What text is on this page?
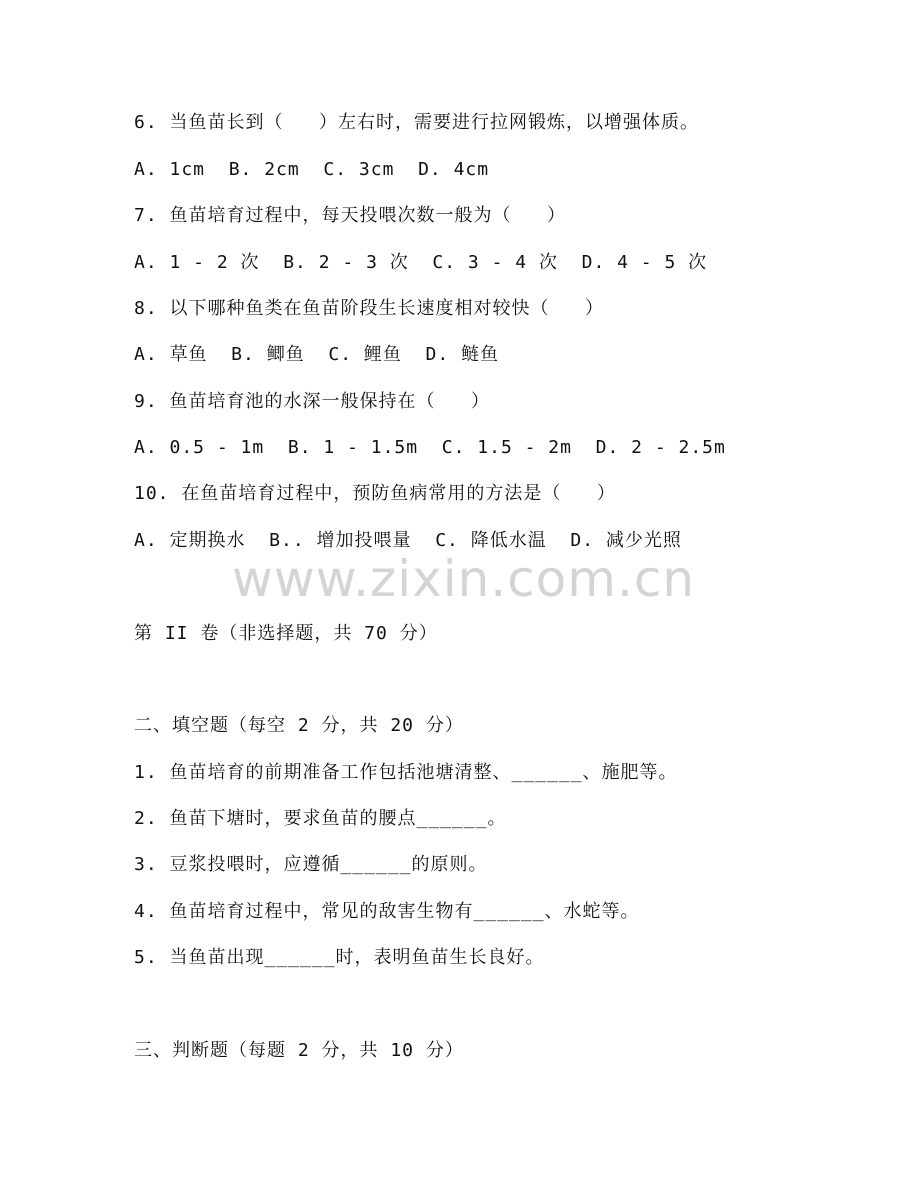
6. 当鱼苗长到（   ）左右时，需要进行拉网锻炼，以增强体质。
A. 1cm  B. 2cm  C. 3cm  D. 4cm
7. 鱼苗培育过程中，每天投喂次数一般为（   ）
A. 1 - 2 次  B. 2 - 3 次  C. 3 - 4 次  D. 4 - 5 次
8. 以下哪种鱼类在鱼苗阶段生长速度相对较快（   ）
A. 草鱼  B. 鲫鱼  C. 鲤鱼  D. 鲢鱼
9. 鱼苗培育池的水深一般保持在（   ）
A. 0.5 - 1m  B. 1 - 1.5m  C. 1.5 - 2m  D. 2 - 2.5m
10. 在鱼苗培育过程中，预防鱼病常用的方法是（   ）
A. 定期换水  B.. 增加投喂量  C. 降低水温  D. 减少光照
www.zixin.com.cn
第 II 卷（非选择题，共 70 分）
二、填空题（每空 2 分，共 20 分）
1. 鱼苗培育的前期准备工作包括池塘清整、______、施肥等。
2. 鱼苗下塘时，要求鱼苗的腰点______。
3. 豆浆投喂时，应遵循______的原则。
4. 鱼苗培育过程中，常见的敌害生物有______、水蛇等。
5. 当鱼苗出现______时，表明鱼苗生长良好。
三、判断题（每题 2 分，共 10 分）
